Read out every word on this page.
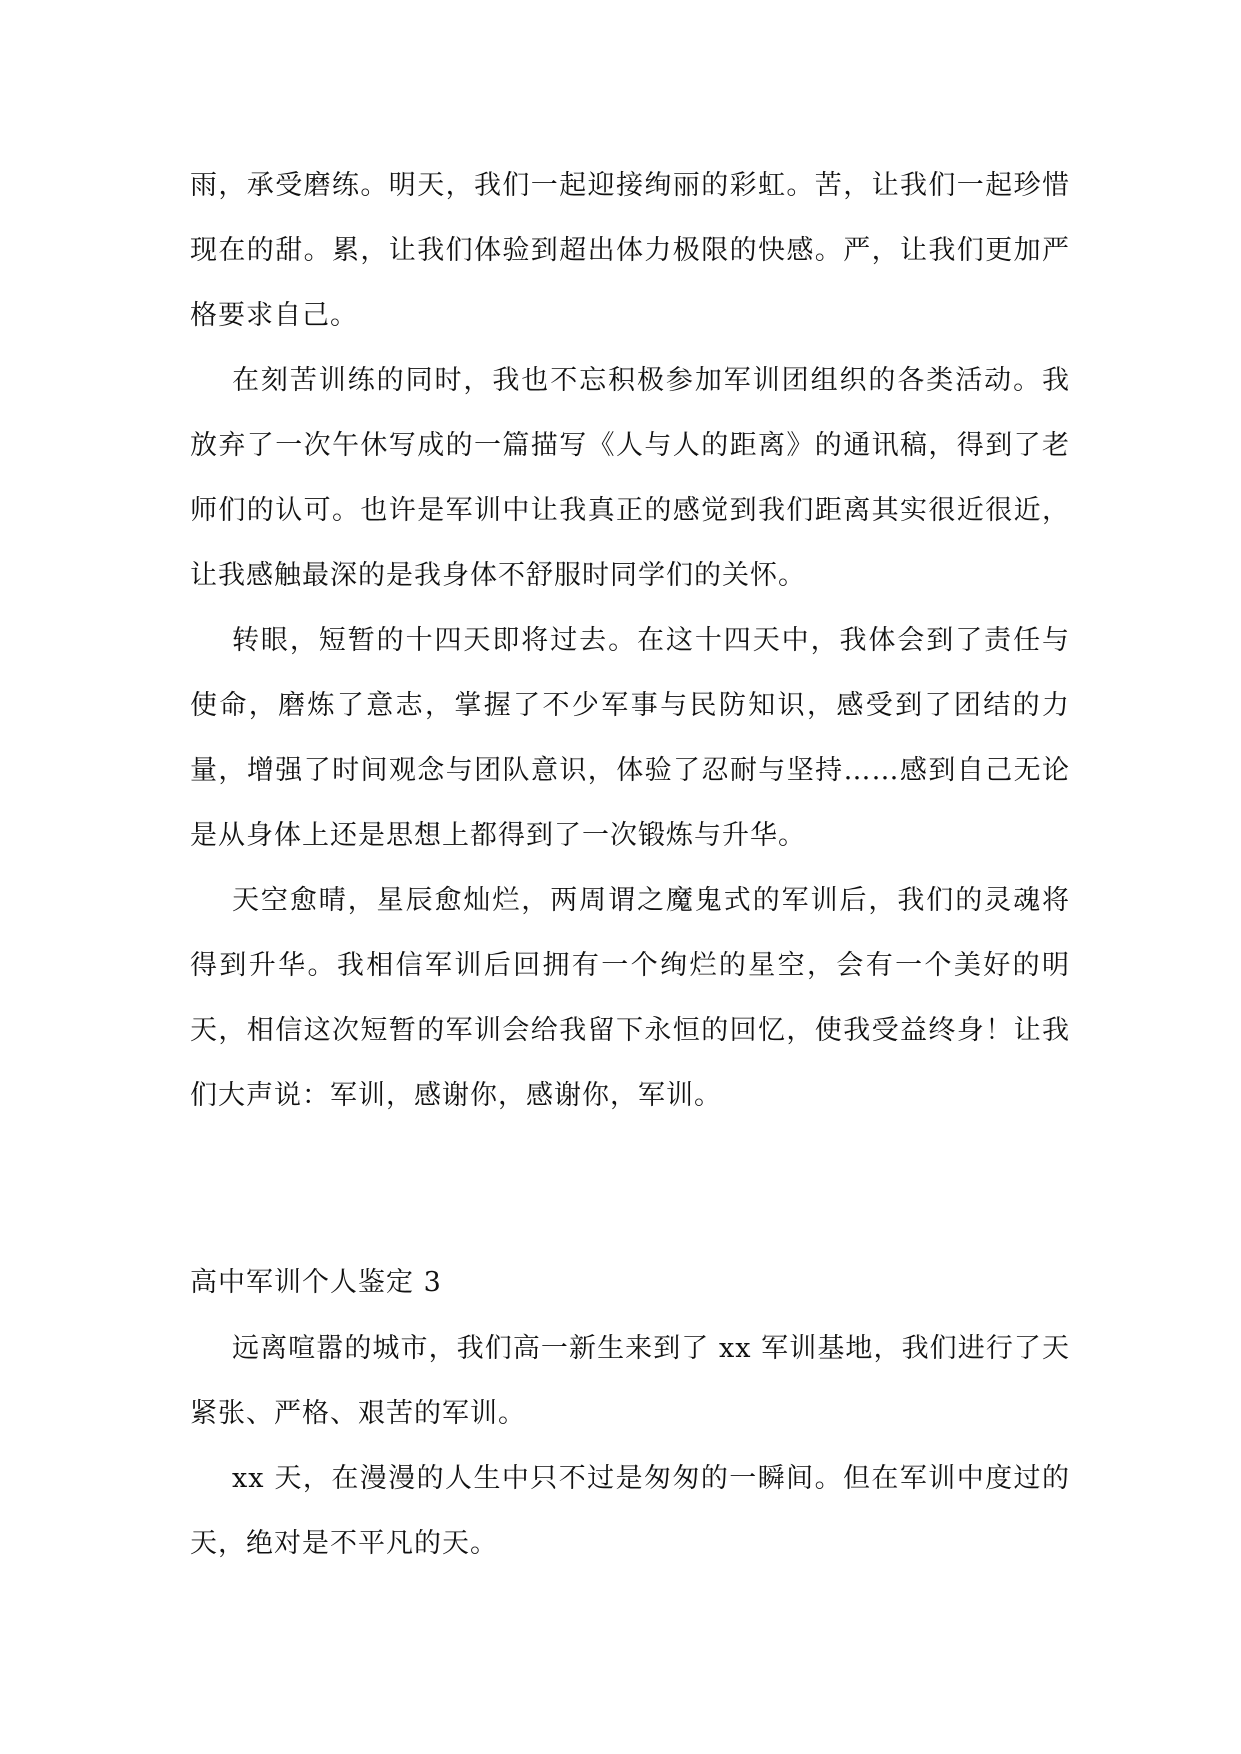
雨，承受磨练。明天，我们一起迎接绚丽的彩虹。苦，让我们一起珍惜现在的甜。累，让我们体验到超出体力极限的快感。严，让我们更加严格要求自己。

在刻苦训练的同时，我也不忘积极参加军训团组织的各类活动。我放弃了一次午休写成的一篇描写《人与人的距离》的通讯稿，得到了老师们的认可。也许是军训中让我真正的感觉到我们距离其实很近很近，让我感触最深的是我身体不舒服时同学们的关怀。

转眼，短暂的十四天即将过去。在这十四天中，我体会到了责任与使命，磨炼了意志，掌握了不少军事与民防知识，感受到了团结的力量，增强了时间观念与团队意识，体验了忍耐与坚持……感到自己无论是从身体上还是思想上都得到了一次锻炼与升华。

天空愈晴，星辰愈灿烂，两周谓之魔鬼式的军训后，我们的灵魂将得到升华。我相信军训后回拥有一个绚烂的星空，会有一个美好的明天，相信这次短暂的军训会给我留下永恒的回忆，使我受益终身！让我们大声说：军训，感谢你，感谢你，军训。

高中军训个人鉴定 3

远离喧嚣的城市，我们高一新生来到了 xx 军训基地，我们进行了天紧张、严格、艰苦的军训。

xx 天，在漫漫的人生中只不过是匆匆的一瞬间。但在军训中度过的天，绝对是不平凡的天。
